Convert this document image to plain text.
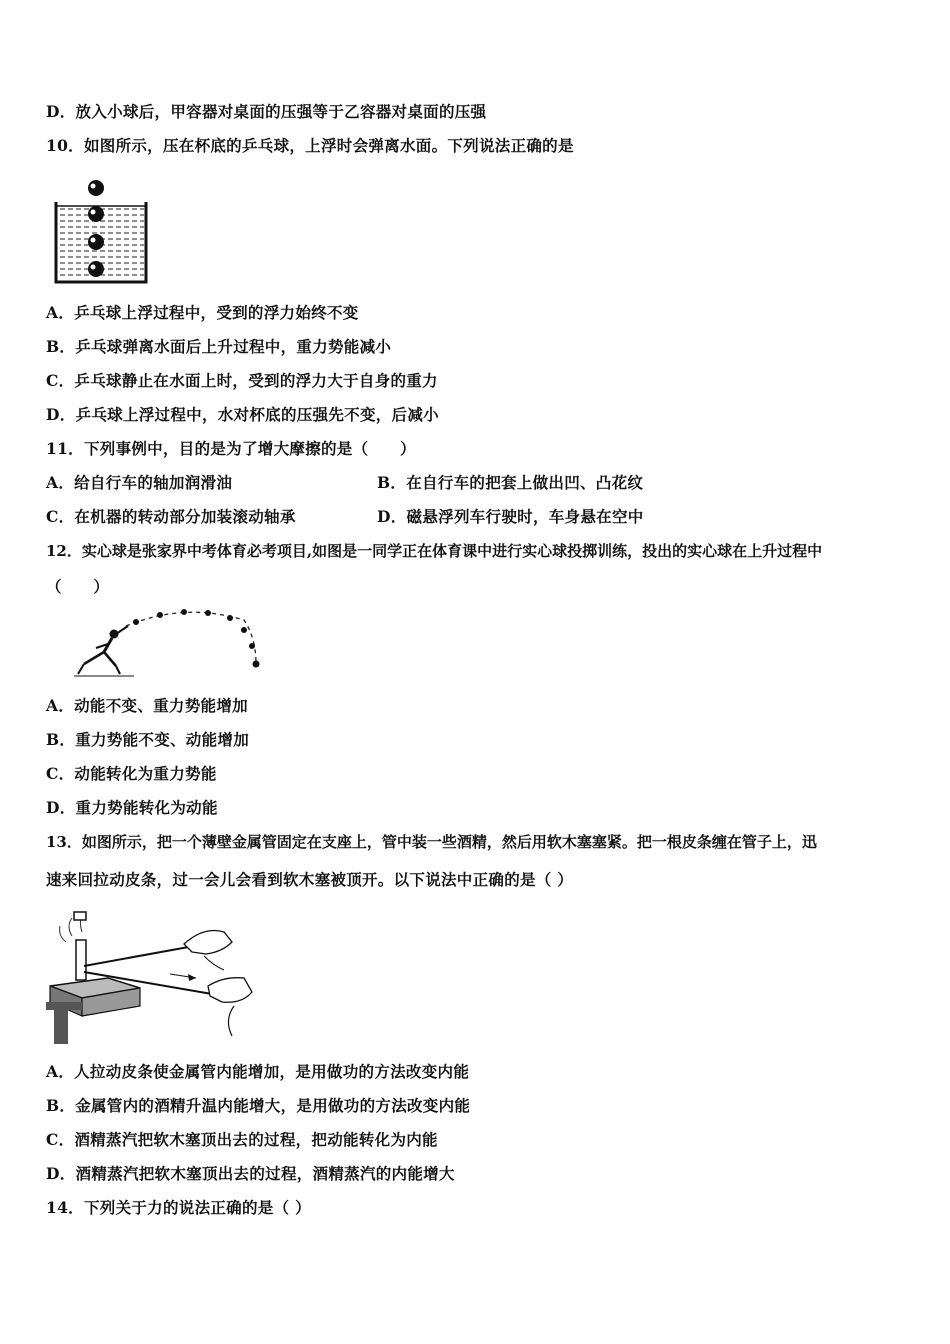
D．放入小球后，甲容器对桌面的压强等于乙容器对桌面的压强
10．如图所示，压在杯底的乒乓球，上浮时会弹离水面。下列说法正确的是
A．乒乓球上浮过程中，受到的浮力始终不变
B．乒乓球弹离水面后上升过程中，重力势能减小
C．乒乓球静止在水面上时，受到的浮力大于自身的重力
D．乒乓球上浮过程中，水对杯底的压强先不变，后减小
11．下列事例中，目的是为了增大摩擦的是（　　）
A．给自行车的轴加润滑油	B．在自行车的把套上做出凹、凸花纹
C．在机器的转动部分加装滚动轴承	D．磁悬浮列车行驶时，车身悬在空中
12．实心球是张家界中考体育必考项目,如图是一同学正在体育课中进行实心球投掷训练，投出的实心球在上升过程中
（　　）
A．动能不变、重力势能增加
B．重力势能不变、动能增加
C．动能转化为重力势能
D．重力势能转化为动能
13．如图所示，把一个薄壁金属管固定在支座上，管中装一些酒精，然后用软木塞塞紧。把一根皮条缠在管子上，迅
速来回拉动皮条，过一会儿会看到软木塞被顶开。以下说法中正确的是（ ）
A．人拉动皮条使金属管内能增加，是用做功的方法改变内能
B．金属管内的酒精升温内能增大，是用做功的方法改变内能
C．酒精蒸汽把软木塞顶出去的过程，把动能转化为内能
D．酒精蒸汽把软木塞顶出去的过程，酒精蒸汽的内能增大
14．下列关于力的说法正确的是（ ）
